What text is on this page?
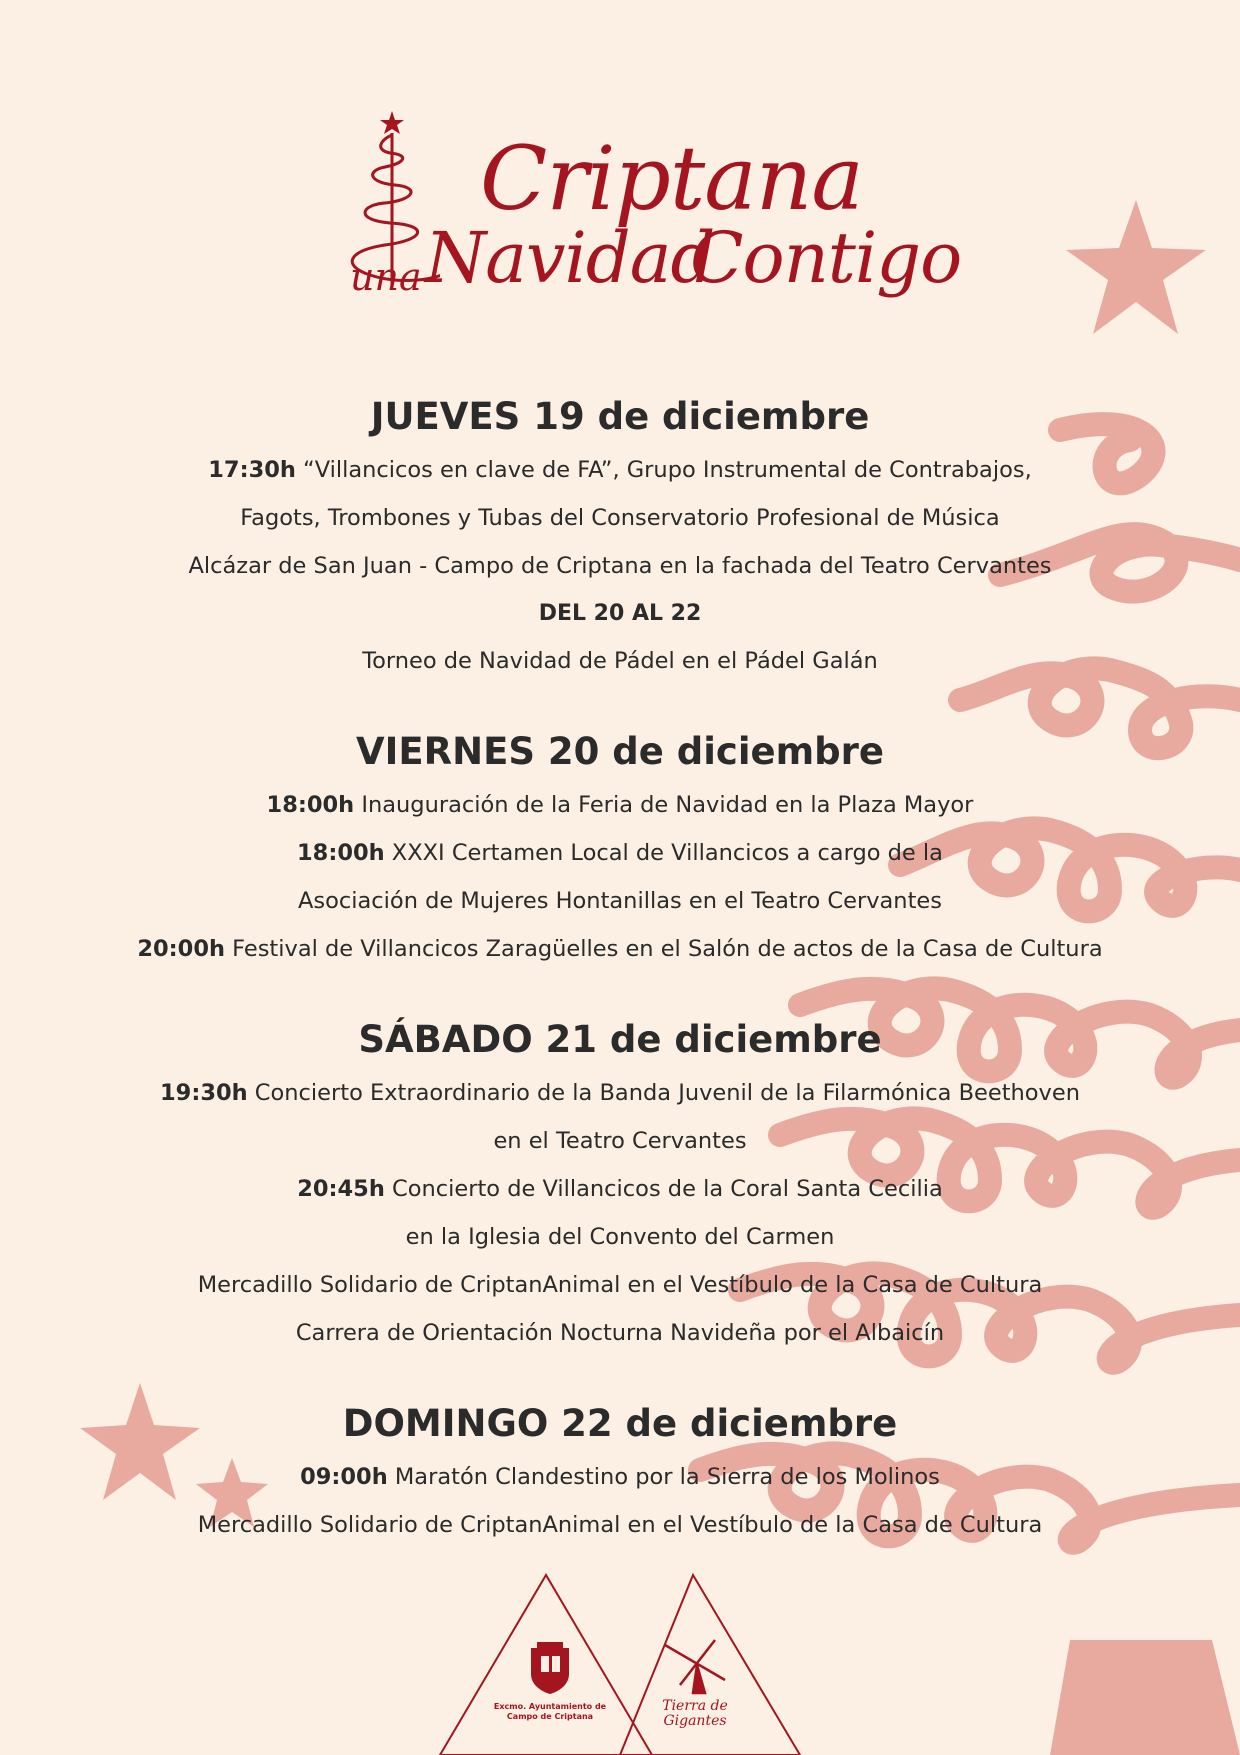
Criptana
una Navidad
Contigo
JUEVES 19 de diciembre
17:30h “Villancicos en clave de FA”, Grupo Instrumental de Contrabajos,
Fagots, Trombones y Tubas del Conservatorio Profesional de Música
Alcázar de San Juan - Campo de Criptana en la fachada del Teatro Cervantes
DEL 20 AL 22
Torneo de Navidad de Pádel en el Pádel Galán
VIERNES 20 de diciembre
18:00h Inauguración de la Feria de Navidad en la Plaza Mayor
18:00h XXXI Certamen Local de Villancicos a cargo de la
Asociación de Mujeres Hontanillas en el Teatro Cervantes
20:00h Festival de Villancicos Zaragüelles en el Salón de actos de la Casa de Cultura
SÁBADO 21 de diciembre
19:30h Concierto Extraordinario de la Banda Juvenil de la Filarmónica Beethoven
en el Teatro Cervantes
20:45h Concierto de Villancicos de la Coral Santa Cecilia
en la Iglesia del Convento del Carmen
Mercadillo Solidario de CriptanAnimal en el Vestíbulo de la Casa de Cultura
Carrera de Orientación Nocturna Navideña por el Albaicín
DOMINGO 22 de diciembre
09:00h Maratón Clandestino por la Sierra de los Molinos
Mercadillo Solidario de CriptanAnimal en el Vestíbulo de la Casa de Cultura
Excmo. Ayuntamiento de Campo de Criptana
Tierra de Gigantes
